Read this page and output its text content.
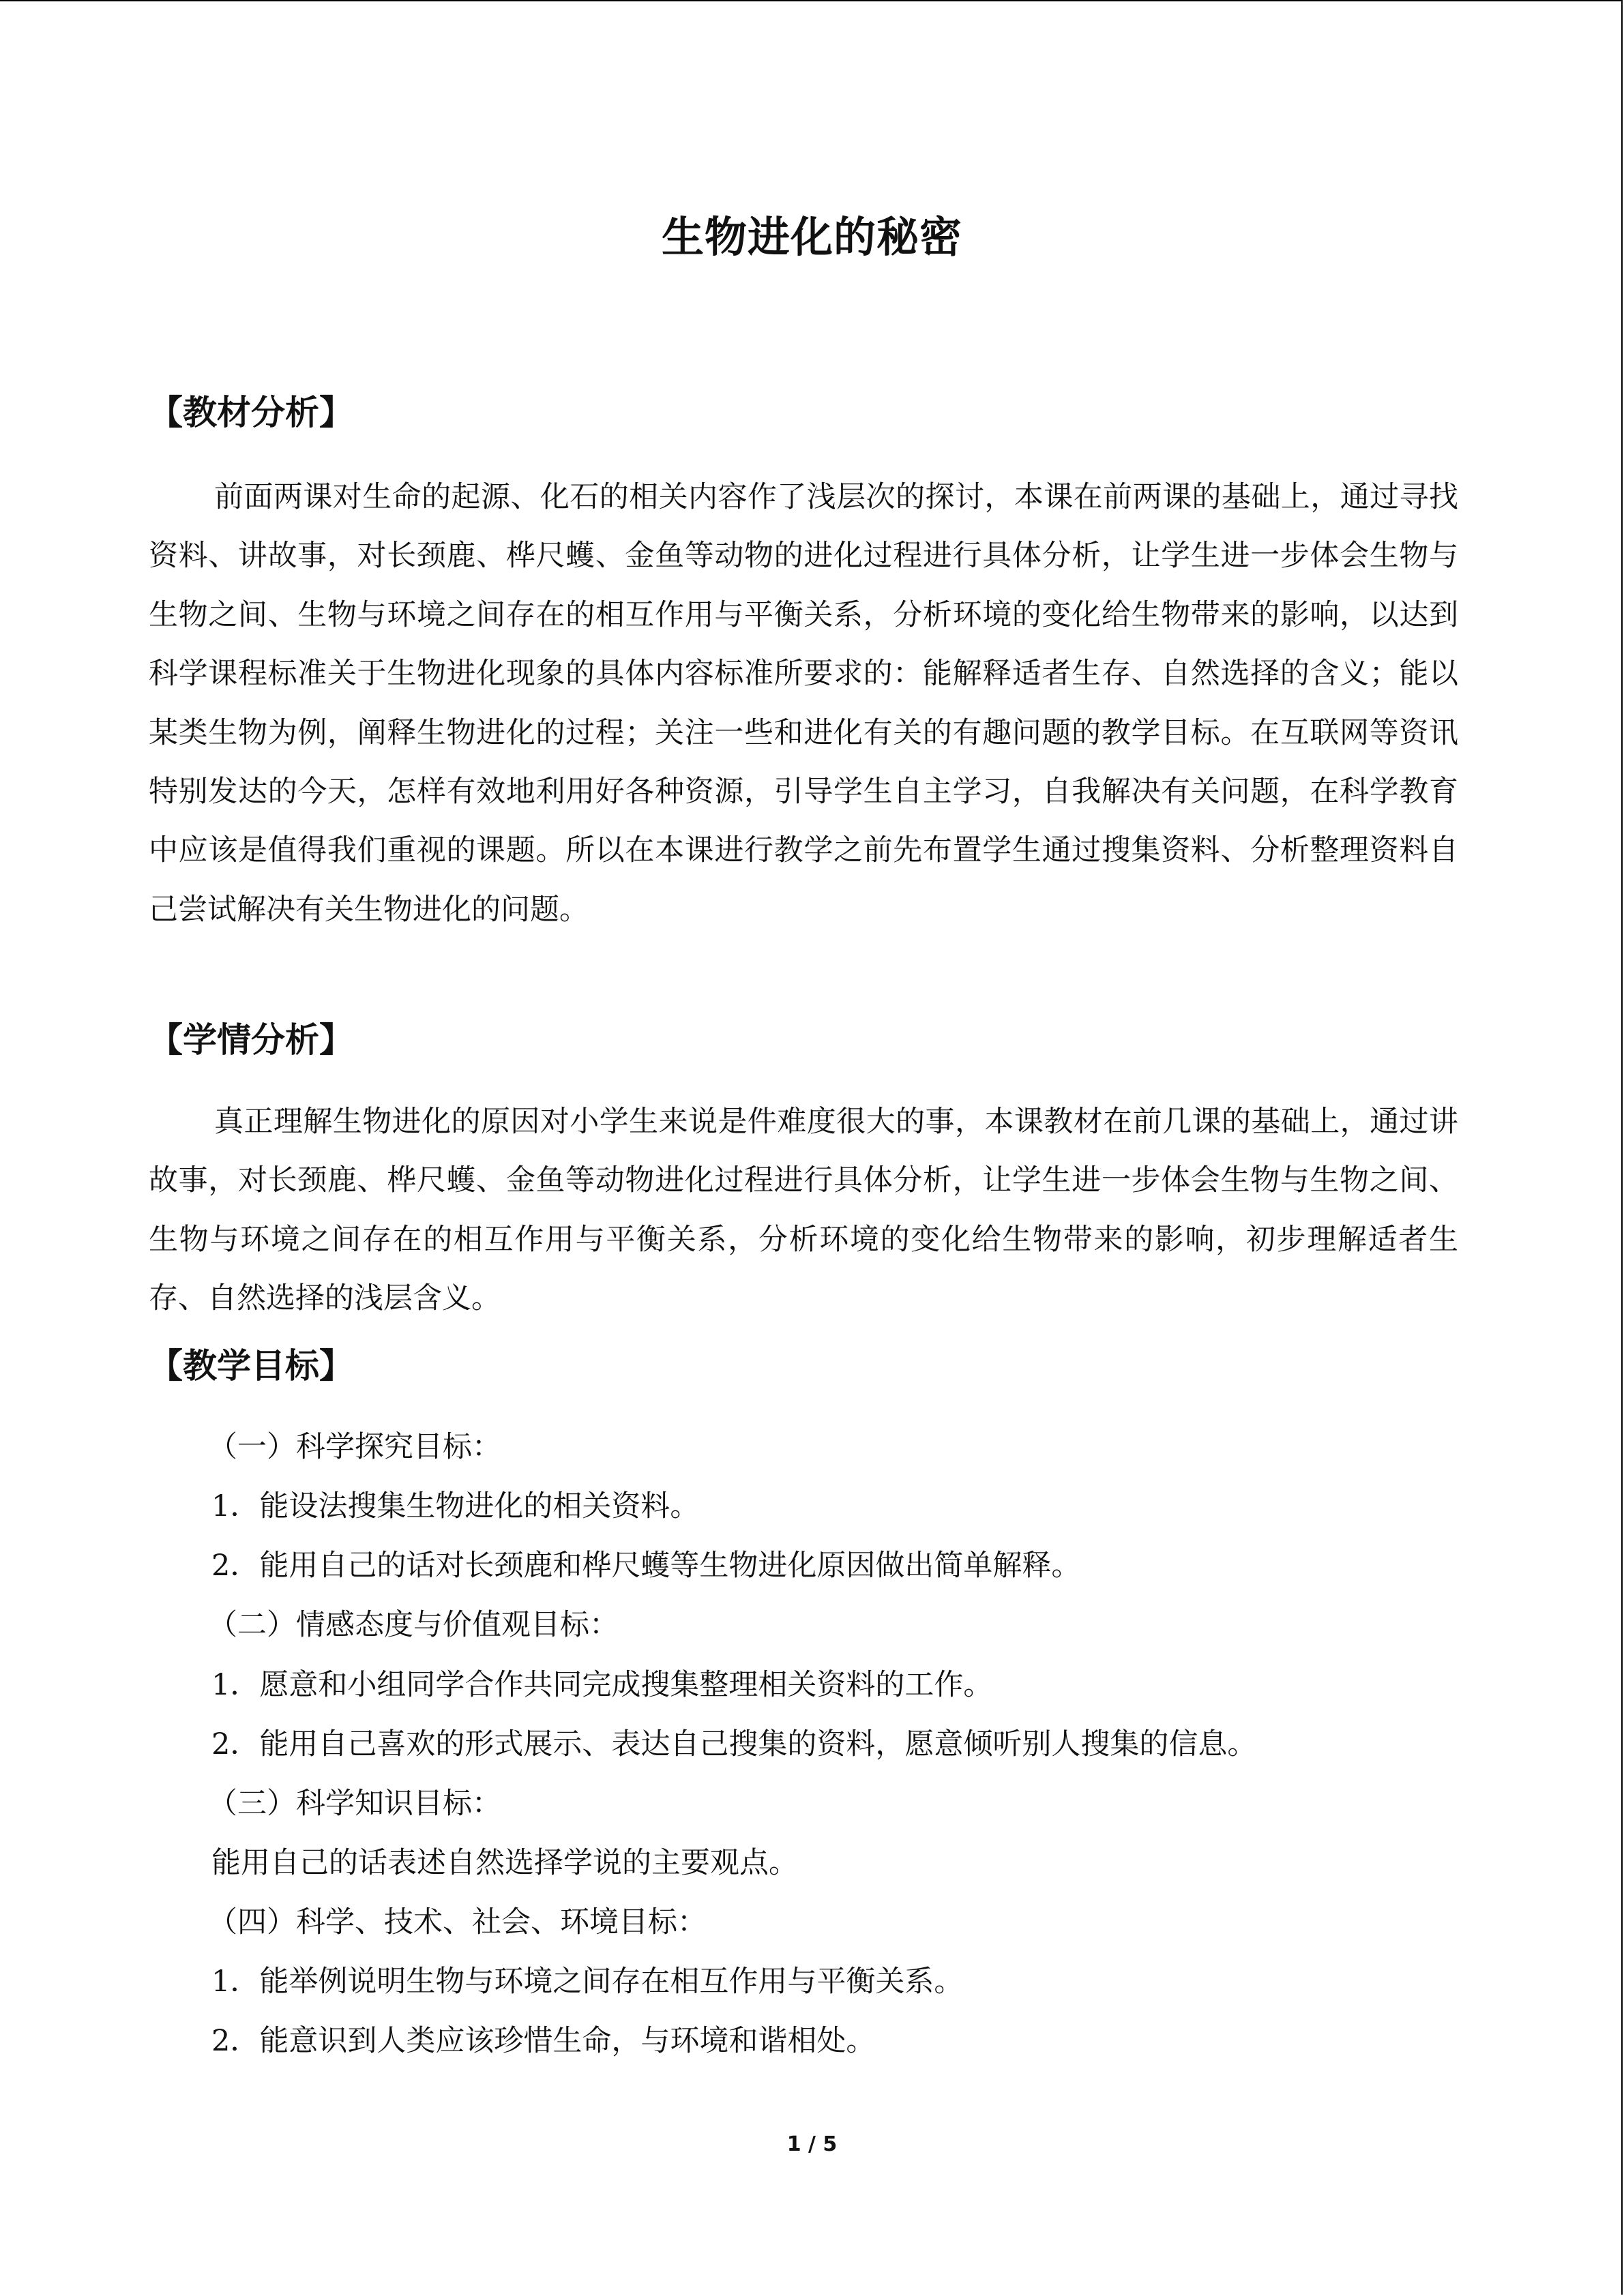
生物进化的秘密
【教材分析】

前面两课对生命的起源、化石的相关内容作了浅层次的探讨，本课在前两课的基础上，通过寻找资料、讲故事，对长颈鹿、桦尺蠖、金鱼等动物的进化过程进行具体分析，让学生进一步体会生物与生物之间、生物与环境之间存在的相互作用与平衡关系，分析环境的变化给生物带来的影响，以达到科学课程标准关于生物进化现象的具体内容标准所要求的：能解释适者生存、自然选择的含义；能以某类生物为例，阐释生物进化的过程；关注一些和进化有关的有趣问题的教学目标。在互联网等资讯特别发达的今天，怎样有效地利用好各种资源，引导学生自主学习，自我解决有关问题，在科学教育中应该是值得我们重视的课题。所以在本课进行教学之前先布置学生通过搜集资料、分析整理资料自己尝试解决有关生物进化的问题。

【学情分析】

真正理解生物进化的原因对小学生来说是件难度很大的事，本课教材在前几课的基础上，通过讲故事，对长颈鹿、桦尺蠖、金鱼等动物进化过程进行具体分析，让学生进一步体会生物与生物之间、生物与环境之间存在的相互作用与平衡关系，分析环境的变化给生物带来的影响，初步理解适者生存、自然选择的浅层含义。

【教学目标】
（一）科学探究目标：
1．能设法搜集生物进化的相关资料。
2．能用自己的话对长颈鹿和桦尺蠖等生物进化原因做出简单解释。
（二）情感态度与价值观目标：
1．愿意和小组同学合作共同完成搜集整理相关资料的工作。
2．能用自己喜欢的形式展示、表达自己搜集的资料，愿意倾听别人搜集的信息。
（三）科学知识目标：
能用自己的话表述自然选择学说的主要观点。
（四）科学、技术、社会、环境目标：
1．能举例说明生物与环境之间存在相互作用与平衡关系。
2．能意识到人类应该珍惜生命，与环境和谐相处。
1 / 5
